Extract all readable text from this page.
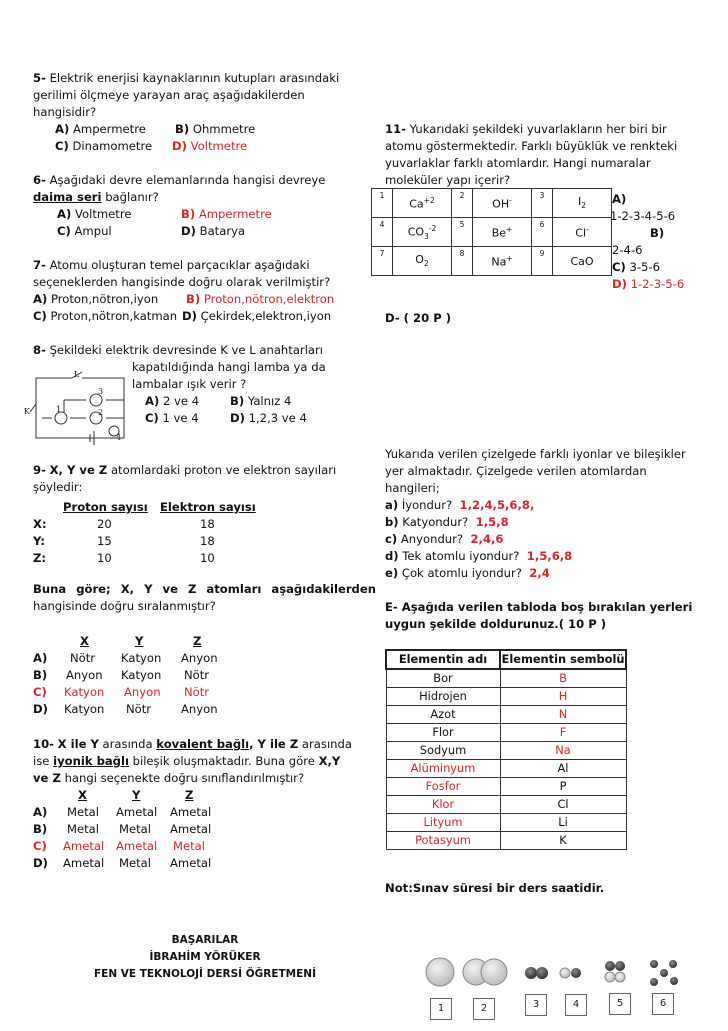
5- Elektrik enerjisi kaynaklarının kutupları arasındaki
gerilimi ölçmeye yarayan araç aşağıdakilerden
hangisidir?
A) Ampermetre	B) Ohmmetre
C) Dinamometre D) Voltmetre
6- Aşağıdaki devre elemanlarında hangisi devreye
daima seri bağlanır?
A) Voltmetre	B) Ampermetre
C) Ampul	D) Batarya
7- Atomu oluşturan temel parçacıklar aşağıdaki
seçeneklerden hangisinde doğru olarak verilmiştir?
A) Proton,nötron,iyon B) Proton,nötron,elektron
C) Proton,nötron,katman D) Çekirdek,elektron,iyon
8- Şekildeki elektrik devresinde K ve L anahtarları
kapatıldığında hangi lamba ya da
lambalar ışık verir ?
A) 2 ve 4	B) Yalnız 4
C) 1 ve 4	D) 1,2,3 ve 4
L
K	1	2
3
4
9- X, Y ve Z atomlardaki proton ve elektron sayıları
şöyledir:
Proton sayısı Elektron sayısı
X:	20	18
Y:	15	18
Z:	10	10
Buna göre; X, Y ve Z atomları aşağıdakilerden
hangisinde doğru sıralanmıştır?
X	Y	Z
A) Nötr Katyon Anyon
B) Anyon Katyon Nötr
C) Katyon Anyon Nötr
D) Katyon Nötr	Anyon
10- X ile Y arasında kovalent bağlı, Y ile Z arasında
ise iyonik bağlı bileşik oluşmaktadır. Buna göre X,Y
ve Z hangi seçenekte doğru sınıflandırılmıştır?
X	Y	Z
A) Metal Ametal Ametal
B) Metal Metal Ametal
C) Ametal Ametal Metal
D) Ametal Metal Ametal
11- Yukarıdaki şekildeki yuvarlakların her biri bir
atomu göstermektedir. Farklı büyüklük ve renkteki
yuvarlaklar farklı atomlardır. Hangi numaralar
moleküler yapı içerir?
1	$Ca^{+2}$	2	OH-	3	$I_2$
4	$CO_3^{-2}$	5	Be+	6	Cl-
7	$O_2$	8	Na+	9	CaO
A)
1-2-3-4-5-6
B)
2-4-6
C) 3-5-6
D) 1-2-3-5-6
D- ( 20 P )
Yukarıda verilen çizelgede farklı iyonlar ve bileşikler
yer almaktadır. Çizelgede verilen atomlardan
hangileri;
a) İyondur? 1,2,4,5,6,8,
b) Katyondur? 1,5,8
c) Anyondur? 2,4,6
d) Tek atomlu iyondur? 1,5,6,8
e) Çok atomlu iyondur? 2,4
E- Aşağıda verilen tabloda boş bırakılan yerleri
uygun şekilde doldurunuz.( 10 P )
Elementin adı	Elementin sembolü
Bor	B
Hidrojen	H
Azot	N
Flor	F
Sodyum	Na
Alüminyum	Al
Fosfor	P
Klor	Cl
Lityum	Li
Potasyum	K
Not:Sınav süresi bir ders saatidir.
BAŞARILAR
İBRAHİM YÖRÜKER
FEN VE TEKNOLOJİ DERSİ ÖĞRETMENİ
1	2	3	4	5	6
